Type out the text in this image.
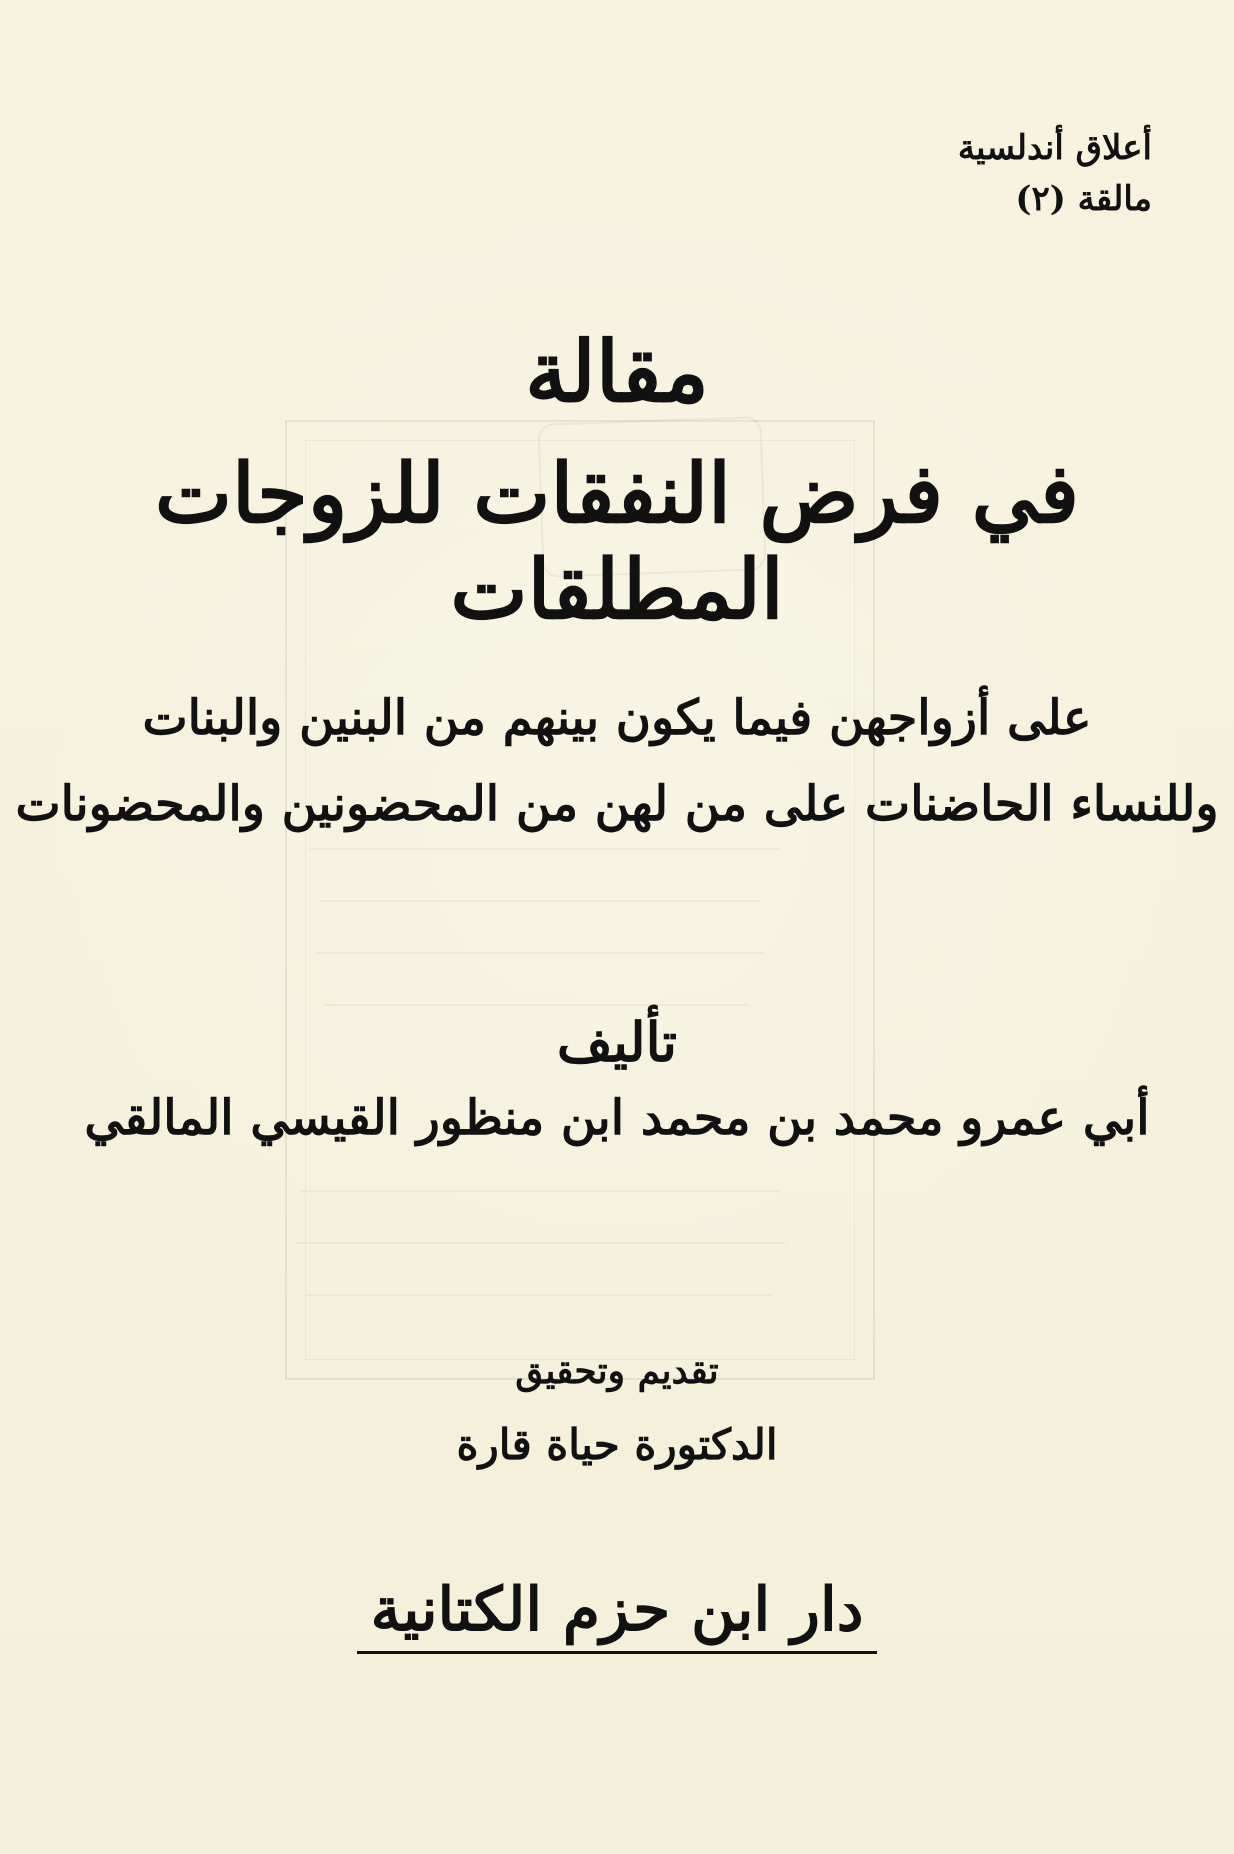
أعلاق أندلسية
مالقة (٢)
مقالة
في فرض النفقات للزوجات المطلقات
على أزواجهن فيما يكون بينهم من البنين والبنات
وللنساء الحاضنات على من لهن من المحضونين والمحضونات
تأليف
أبي عمرو محمد بن محمد ابن منظور القيسي المالقي
تقديم وتحقيق
الدكتورة حياة قارة
دار ابن حزم الكتانية
